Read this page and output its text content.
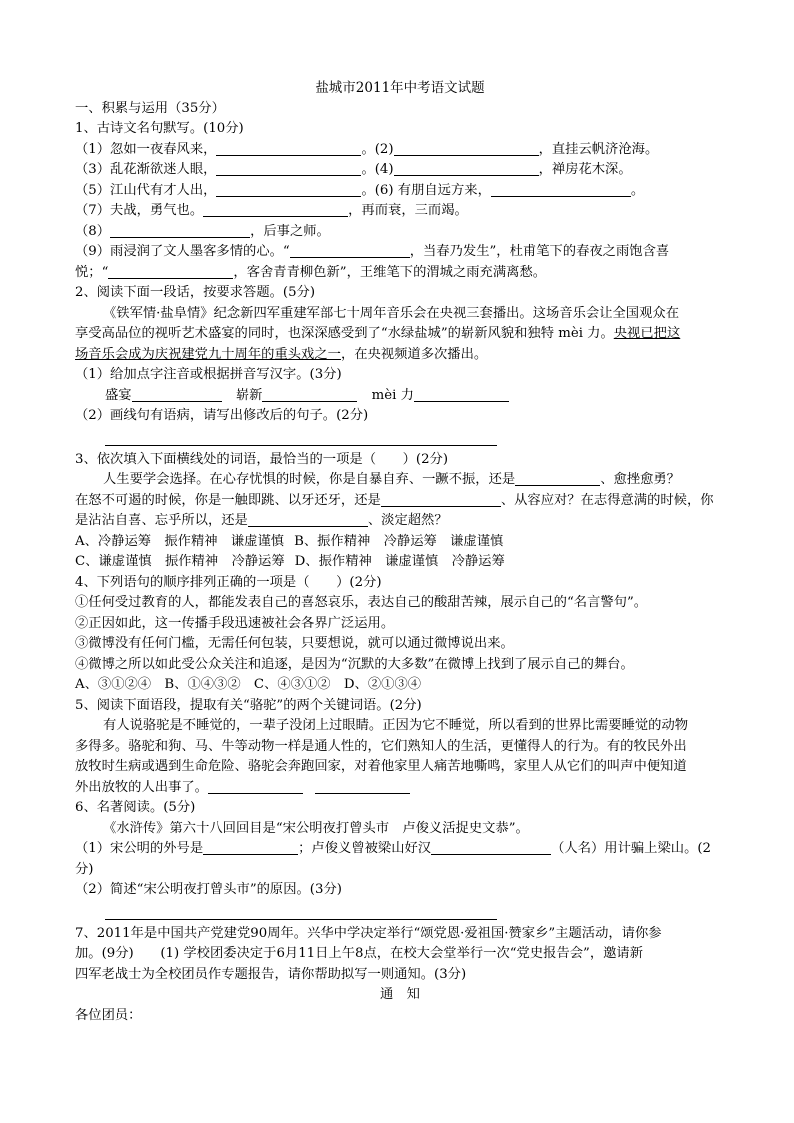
盐城市2011年中考语文试题
一、积累与运用（35分）
1、古诗文名句默写。(10分)
（1）忽如一夜春风来，	。(2)	，直挂云帆济沧海。
（3）乱花渐欲迷人眼，	。(4)	，禅房花木深。
（5）江山代有才人出，	。(6) 有朋自远方来，	。
（7）夫战，勇气也。	，再而衰，三而竭。
（8）	，后事之师。
（9）雨浸润了文人墨客多情的心。“	，当春乃发生”，杜甫笔下的春夜之雨饱含喜
悦；“	，客舍青青柳色新”，王维笔下的渭城之雨充满离愁。
2、阅读下面一段话，按要求答题。(5分)
《铁军情·盐阜情》纪念新四军重建军部七十周年音乐会在央视三套播出。这场音乐会让全国观众在
享受高品位的视听艺术盛宴的同时，也深深感受到了“水绿盐城”的崭新风貌和独特 mèi 力。央视已把这
场音乐会成为庆祝建党九十周年的重头戏之一，在央视频道多次播出。
（1）给加点字注音或根据拼音写汉字。(3分)
盛宴	崭新	mèi 力
（2）画线句有语病，请写出修改后的句子。(2分)
3、依次填入下面横线处的词语，最恰当的一项是（　　）(2分)
人生要学会选择。在心存忧惧的时候，你是自暴自弃、一蹶不振，还是	、愈挫愈勇？
在怒不可遏的时候，你是一触即跳、以牙还牙，还是	、从容应对？在志得意满的时候，你
是沾沾自喜、忘乎所以，还是	、淡定超然？
A、冷静运筹　振作精神　谦虚谨慎 B、振作精神　冷静运筹　谦虚谨慎
C、谦虚谨慎　振作精神　冷静运筹 D、振作精神　谦虚谨慎　冷静运筹
4、下列语句的顺序排列正确的一项是（　　）(2分)
①任何受过教育的人，都能发表自己的喜怒哀乐，表达自己的酸甜苦辣，展示自己的“名言警句”。
②正因如此，这一传播手段迅速被社会各界广泛运用。
③微博没有任何门槛，无需任何包装，只要想说，就可以通过微博说出来。
④微博之所以如此受公众关注和追逐，是因为“沉默的大多数”在微博上找到了展示自己的舞台。
A、③①②④　B、①④③②　C、④③①②　D、②①③④
5、阅读下面语段，提取有关“骆驼”的两个关键词语。(2分)
有人说骆驼是不睡觉的，一辈子没闭上过眼睛。正因为它不睡觉，所以看到的世界比需要睡觉的动物
多得多。骆驼和狗、马、牛等动物一样是通人性的，它们熟知人的生活，更懂得人的行为。有的牧民外出
放牧时生病或遇到生命危险、骆驼会奔跑回家，对着他家里人痛苦地嘶鸣，家里人从它们的叫声中便知道
外出放牧的人出事了。
6、名著阅读。(5分)
《水浒传》第六十八回回目是“宋公明夜打曾头市　卢俊义活捉史文恭”。
（1）宋公明的外号是	；卢俊义曾被梁山好汉	（人名）用计骗上梁山。(2
分)
（2）简述“宋公明夜打曾头市”的原因。(3分)
7、2011年是中国共产党建党90周年。兴华中学决定举行“颂党恩·爱祖国·赞家乡”主题活动，请你参
加。(9分)　　(1) 学校团委决定于6月11日上午8点，在校大会堂举行一次“党史报告会”，邀请新
四军老战士为全校团员作专题报告，请你帮助拟写一则通知。(3分)
通　知
各位团员：
